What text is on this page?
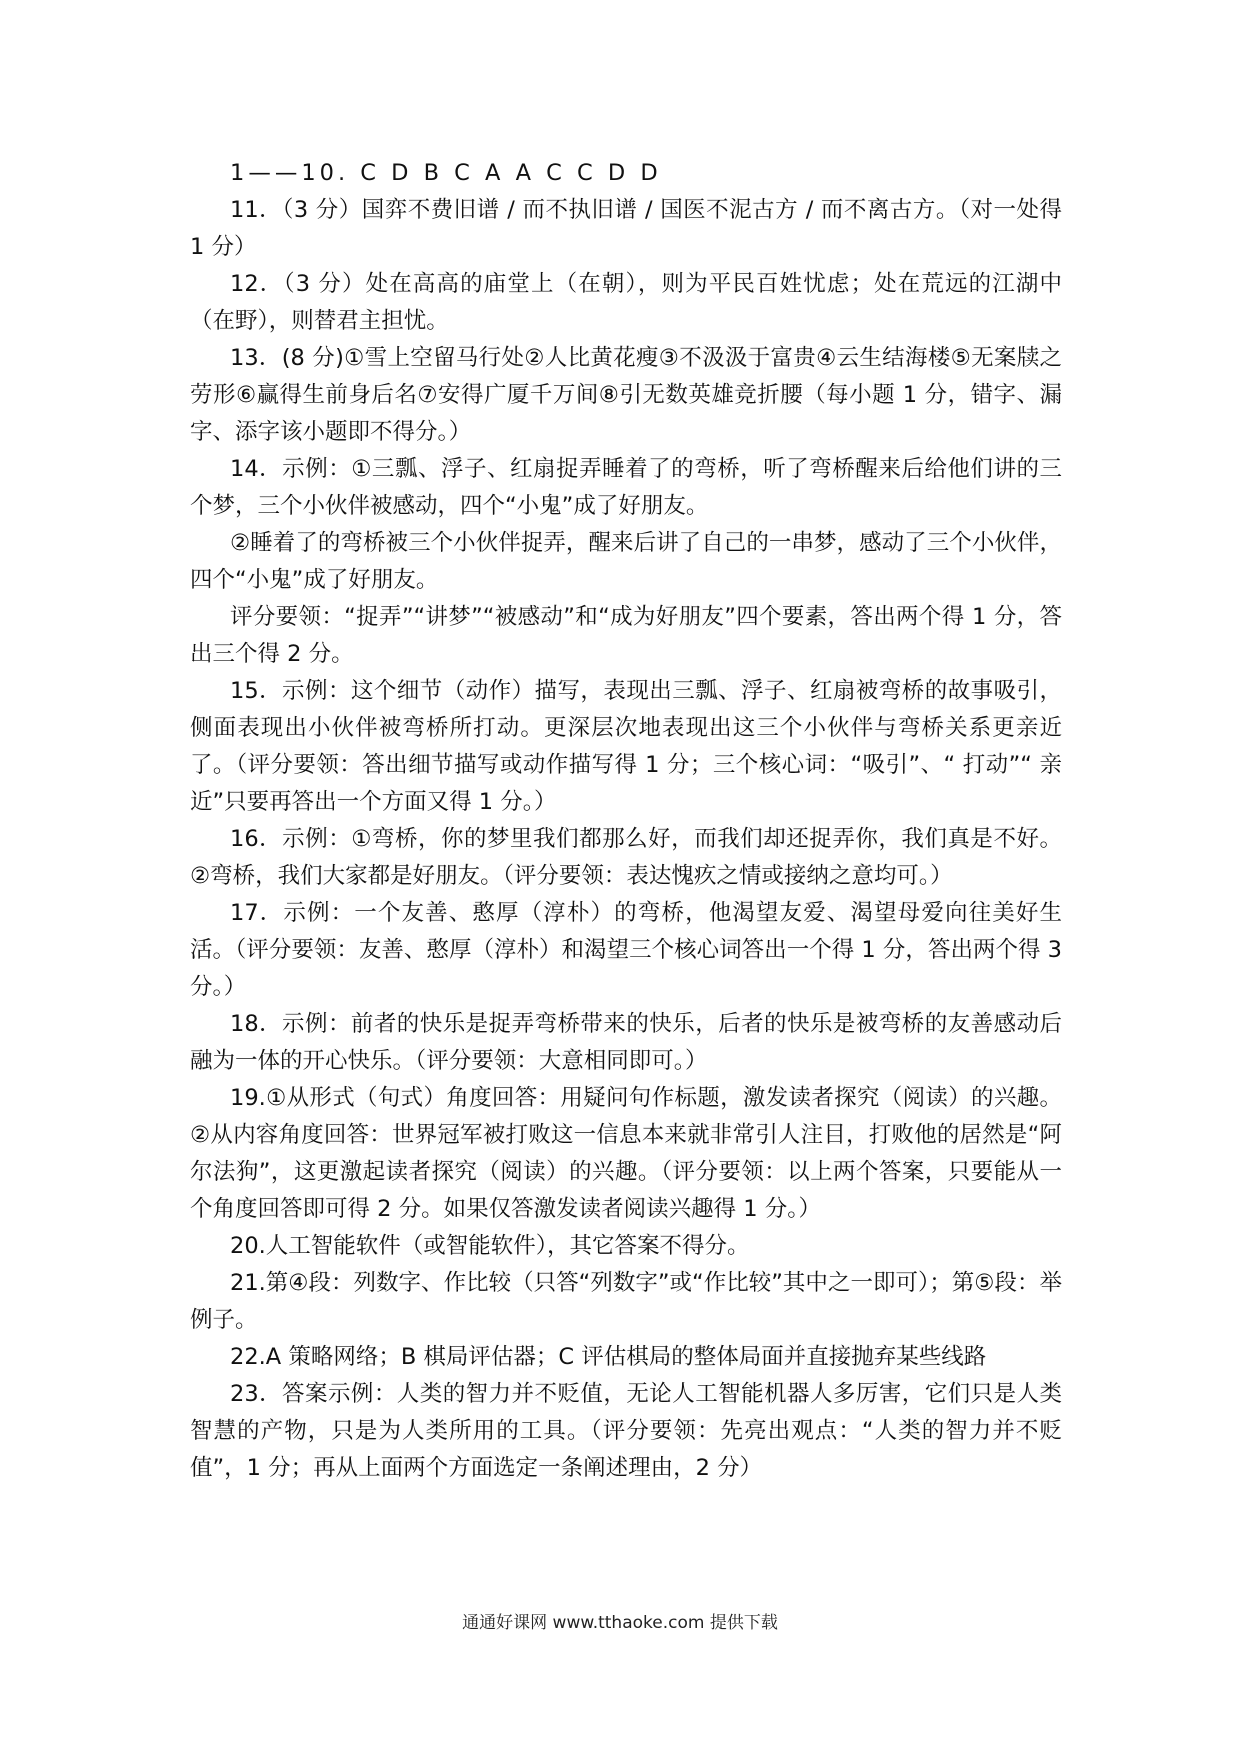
1——10. C D B C A A C C D D

11．（3 分）国弈不费旧谱 / 而不执旧谱 / 国医不泥古方 / 而不离古方。（对一处得 1 分）

12．（3 分）处在高高的庙堂上（在朝），则为平民百姓忧虑；处在荒远的江湖中（在野），则替君主担忧。

13．(8 分)①雪上空留马行处②人比黄花瘦③不汲汲于富贵④云生结海楼⑤无案牍之劳形⑥赢得生前身后名⑦安得广厦千万间⑧引无数英雄竞折腰（每小题 1 分，错字、漏字、添字该小题即不得分。）

14．示例：①三瓢、浮子、红扇捉弄睡着了的弯桥，听了弯桥醒来后给他们讲的三个梦，三个小伙伴被感动，四个“小鬼”成了好朋友。

②睡着了的弯桥被三个小伙伴捉弄，醒来后讲了自己的一串梦，感动了三个小伙伴，四个“小鬼”成了好朋友。

评分要领：“捉弄”“讲梦”“被感动”和“成为好朋友”四个要素，答出两个得 1 分，答出三个得 2 分。

15．示例：这个细节（动作）描写，表现出三瓢、浮子、红扇被弯桥的故事吸引，侧面表现出小伙伴被弯桥所打动。更深层次地表现出这三个小伙伴与弯桥关系更亲近了。（评分要领：答出细节描写或动作描写得 1 分；三个核心词：“吸引”、“ 打动”“ 亲近”只要再答出一个方面又得 1 分。）

16．示例：①弯桥，你的梦里我们都那么好，而我们却还捉弄你，我们真是不好。②弯桥，我们大家都是好朋友。（评分要领：表达愧疚之情或接纳之意均可。）

17．示例：一个友善、憨厚（淳朴）的弯桥，他渴望友爱、渴望母爱向往美好生活。（评分要领：友善、憨厚（淳朴）和渴望三个核心词答出一个得 1 分，答出两个得 3 分。）

18．示例：前者的快乐是捉弄弯桥带来的快乐，后者的快乐是被弯桥的友善感动后融为一体的开心快乐。（评分要领：大意相同即可。）

19.①从形式（句式）角度回答：用疑问句作标题，激发读者探究（阅读）的兴趣。②从内容角度回答：世界冠军被打败这一信息本来就非常引人注目，打败他的居然是“阿尔法狗”，这更激起读者探究（阅读）的兴趣。（评分要领：以上两个答案，只要能从一个角度回答即可得 2 分。如果仅答激发读者阅读兴趣得 1 分。）

20.人工智能软件（或智能软件），其它答案不得分。

21.第④段：列数字、作比较（只答“列数字”或“作比较”其中之一即可）；第⑤段：举例子。

22.A 策略网络；B 棋局评估器；C 评估棋局的整体局面并直接抛弃某些线路

23．答案示例：人类的智力并不贬值，无论人工智能机器人多厉害，它们只是人类智慧的产物，只是为人类所用的工具。（评分要领：先亮出观点：“人类的智力并不贬值”，1 分；再从上面两个方面选定一条阐述理由，2 分）

通通好课网 www.tthaoke.com 提供下载
